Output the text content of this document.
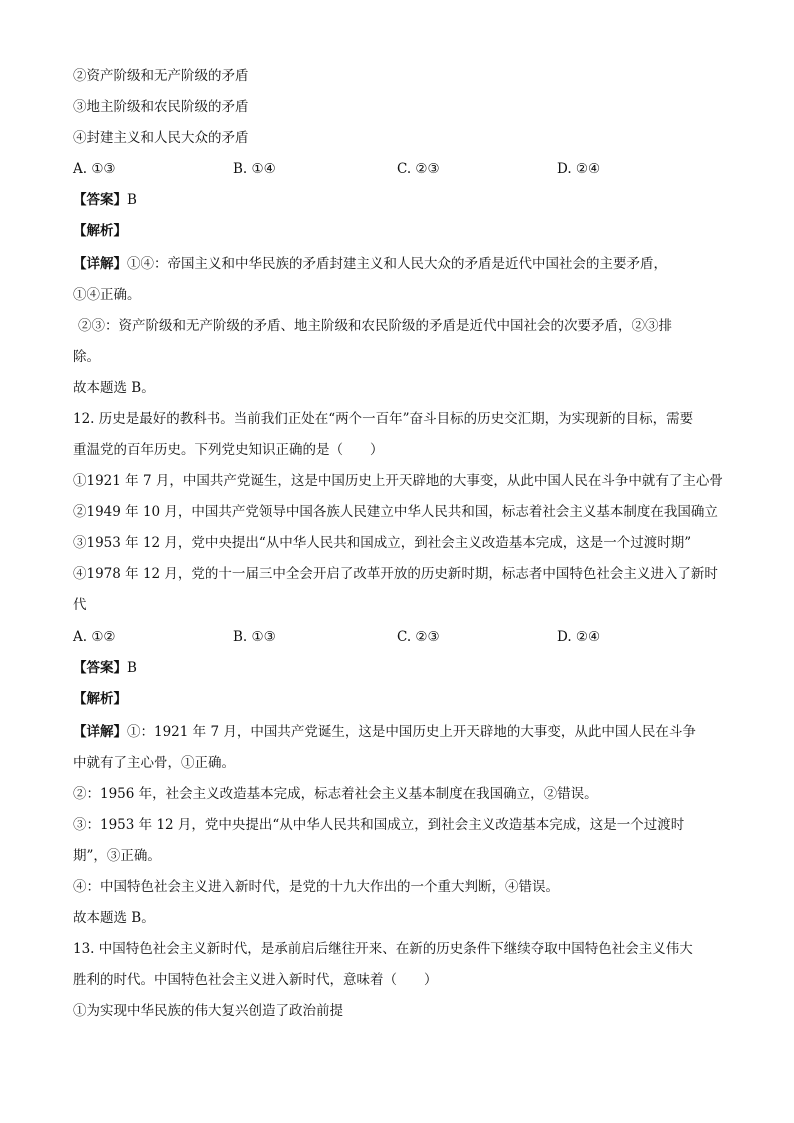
②资产阶级和无产阶级的矛盾
③地主阶级和农民阶级的矛盾
④封建主义和人民大众的矛盾
A. ①③	B. ①④	C. ②③	D. ②④
【答案】B
【解析】
【详解】①④：帝国主义和中华民族的矛盾封建主义和人民大众的矛盾是近代中国社会的主要矛盾，
①④正确。
②③：资产阶级和无产阶级的矛盾、地主阶级和农民阶级的矛盾是近代中国社会的次要矛盾，②③排
除。
故本题选 B。
12. 历史是最好的教科书。当前我们正处在“两个一百年”奋斗目标的历史交汇期，为实现新的目标，需要
重温党的百年历史。下列党史知识正确的是（　　）
①1921 年 7 月，中国共产党诞生，这是中国历史上开天辟地的大事变，从此中国人民在斗争中就有了主心骨
②1949 年 10 月，中国共产党领导中国各族人民建立中华人民共和国，标志着社会主义基本制度在我国确立
③1953 年 12 月，党中央提出“从中华人民共和国成立，到社会主义改造基本完成，这是一个过渡时期”
④1978 年 12 月，党的十一届三中全会开启了改革开放的历史新时期，标志者中国特色社会主义进入了新时
代
A. ①②	B. ①③	C. ②③	D. ②④
【答案】B
【解析】
【详解】①：1921 年 7 月，中国共产党诞生，这是中国历史上开天辟地的大事变，从此中国人民在斗争
中就有了主心骨，①正确。
②：1956 年，社会主义改造基本完成，标志着社会主义基本制度在我国确立，②错误。
③：1953 年 12 月，党中央提出“从中华人民共和国成立，到社会主义改造基本完成，这是一个过渡时
期”，③正确。
④：中国特色社会主义进入新时代，是党的十九大作出的一个重大判断，④错误。
故本题选 B。
13. 中国特色社会主义新时代，是承前启后继往开来、在新的历史条件下继续夺取中国特色社会主义伟大
胜利的时代。中国特色社会主义进入新时代，意味着（　　）
①为实现中华民族的伟大复兴创造了政治前提
